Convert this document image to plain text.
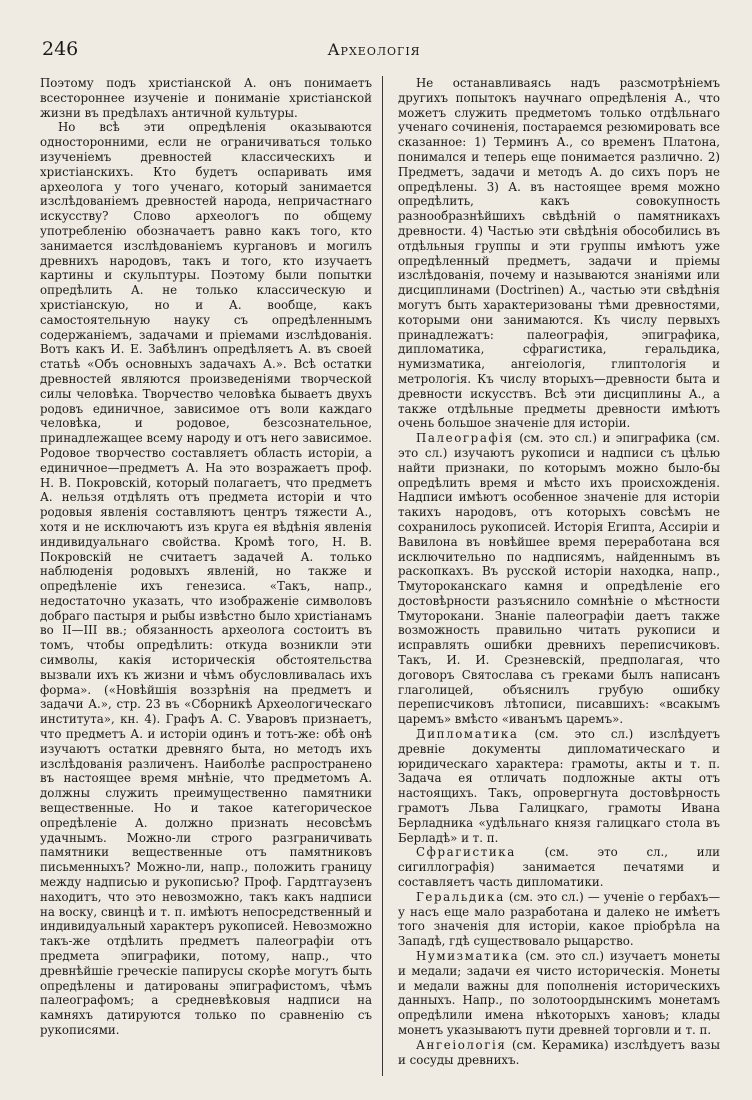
246	Археологія

Поэтому подъ христіанской А. онъ понимаетъ всестороннее изученіе и пониманіе христіанской жизни въ предѣлахъ античной культуры.

Но всѣ эти опредѣленія оказываются односторонними, если не ограничиваться только изученіемъ древностей классическихъ и христіанскихъ. Кто будетъ оспаривать имя археолога у того ученаго, который занимается изслѣдованіемъ древностей народа, непричастнаго искусству? Слово археологъ по общему употребленію обозначаетъ равно какъ того, кто занимается изслѣдованіемъ кургановъ и могилъ древнихъ народовъ, такъ и того, кто изучаетъ картины и скульптуры. Поэтому были попытки опредѣлить А. не только классическую и христіанскую, но и А. вообще, какъ самостоятельную науку съ опредѣленнымъ содержаніемъ, задачами и пріемами изслѣдованія. Вотъ какъ И. Е. Забѣлинъ опредѣляетъ А. въ своей статьѣ «Объ основныхъ задачахъ А.». Всѣ остатки древностей являются произведеніями творческой силы человѣка. Творчество человѣка бываетъ двухъ родовъ единичное, зависимое отъ воли каждаго человѣка, и родовое, безсознательное, принадлежащее всему народу и отъ него зависимое. Родовое творчество составляетъ область исторіи, а единичное—предметъ А. На это возражаетъ проф. Н. В. Покровскій, который полагаетъ, что предметъ А. нельзя отдѣлять отъ предмета исторіи и что родовыя явленія составляютъ центръ тяжести А., хотя и не исключаютъ изъ круга ея вѣдѣнія явленія индивидуальнаго свойства. Кромѣ того, Н. В. Покровскій не считаетъ задачей А. только наблюденія родовыхъ явленій, но также и опредѣленіе ихъ генезиса. «Такъ, напр., недостаточно указать, что изображеніе символовъ добраго пастыря и рыбы извѣстно было христіанамъ во II—III вв.; обязанность археолога состоитъ въ томъ, чтобы опредѣлить: откуда возникли эти символы, какія историческія обстоятельства вызвали ихъ къ жизни и чѣмъ обусловливалась ихъ форма». («Новѣйшія воззрѣнія на предметъ и задачи А.», стр. 23 въ «Сборникѣ Археологическаго института», кн. 4). Графъ А. С. Уваровъ признаетъ, что предметъ А. и исторіи одинъ и тотъ-же: обѣ онѣ изучаютъ остатки древняго быта, но методъ ихъ изслѣдованія различенъ. Наиболѣе распространено въ настоящее время мнѣніе, что предметомъ А. должны служить преимущественно памятники вещественные. Но и такое категорическое опредѣленіе А. должно признать несовсѣмъ удачнымъ. Можно-ли строго разграничивать памятники вещественные отъ памятниковъ письменныхъ? Можно-ли, напр., положить границу между надписью и рукописью? Проф. Гардтгаузенъ находитъ, что это невозможно, такъ какъ надписи на воску, свинцѣ и т. п. имѣютъ непосредственный и индивидуальный характеръ рукописей. Невозможно такъ-же отдѣлить предметъ палеографіи отъ предмета эпиграфики, потому, напр., что древнѣйшіе греческіе папирусы скорѣе могутъ быть опредѣлены и датированы эпиграфистомъ, чѣмъ палеографомъ; а средневѣковыя надписи на камняхъ датируются только по сравненію съ рукописями.

Не останавливаясь надъ разсмотрѣніемъ другихъ попытокъ научнаго опредѣленія А., что можетъ служить предметомъ только отдѣльнаго ученаго сочиненія, постараемся резюмировать все сказанное: 1) Терминъ А., со временъ Платона, понимался и теперь еще понимается различно. 2) Предметъ, задачи и методъ А. до сихъ поръ не опредѣлены. 3) А. въ настоящее время можно опредѣлить, какъ совокупность разнообразнѣйшихъ свѣдѣній о памятникахъ древности. 4) Частью эти свѣдѣнія обособились въ отдѣльныя группы и эти группы имѣютъ уже опредѣленный предметъ, задачи и пріемы изслѣдованія, почему и называются знаніями или дисциплинами (Doctrinen) А., частью эти свѣдѣнія могутъ быть характеризованы тѣми древностями, которыми они занимаются. Къ числу первыхъ принадлежатъ: палеографія, эпиграфика, дипломатика, сфрагистика, геральдика, нумизматика, ангеіологія, глиптологія и метрологія. Къ числу вторыхъ—древности быта и древности искусствъ. Всѣ эти дисциплины А., а также отдѣльные предметы древности имѣютъ очень большое значеніе для исторіи.

Палеографія (см. это сл.) и эпиграфика (см. это сл.) изучаютъ рукописи и надписи съ цѣлью найти признаки, по которымъ можно было-бы опредѣлить время и мѣсто ихъ происхожденія. Надписи имѣютъ особенное значеніе для исторіи такихъ народовъ, отъ которыхъ совсѣмъ не сохранилось рукописей. Исторія Египта, Ассиріи и Вавилона въ новѣйшее время переработана вся исключительно по надписямъ, найденнымъ въ раскопкахъ. Въ русской исторіи находка, напр., Тмутороканскаго камня и опредѣленіе его достовѣрности разъяснило сомнѣніе о мѣстности Тмуторокани. Знаніе палеографіи даетъ также возможность правильно читать рукописи и исправлять ошибки древнихъ переписчиковъ. Такъ, И. И. Срезневскій, предполагая, что договоръ Святослава съ греками былъ написанъ глаголицей, объяснилъ грубую ошибку переписчиковъ лѣтописи, писавшихъ: «всакымъ царемъ» вмѣсто «иванъмъ царемъ».

Дипломатика (см. это сл.) изслѣдуетъ древніе документы дипломатическаго и юридическаго характера: грамоты, акты и т. п. Задача ея отличать подложные акты отъ настоящихъ. Такъ, опровергнута достовѣрность грамотъ Льва Галицкаго, грамоты Ивана Берладника «удѣльнаго князя галицкаго стола въ Берладѣ» и т. п.

Сфрагистика (см. это сл., или сигиллографія) занимается печатями и составляетъ часть дипломатики.

Геральдика (см. это сл.) — ученіе о гербахъ—у насъ еще мало разработана и далеко не имѣетъ того значенія для исторіи, какое пріобрѣла на Западѣ, гдѣ существовало рыцарство.

Нумизматика (см. это сл.) изучаетъ монеты и медали; задачи ея чисто историческія. Монеты и медали важны для пополненія историческихъ данныхъ. Напр., по золотоордынскимъ монетамъ опредѣлили имена нѣкоторыхъ хановъ; клады монетъ указываютъ пути древней торговли и т. п.

Ангеіологія (см. Керамика) изслѣдуетъ вазы и сосуды древнихъ.
